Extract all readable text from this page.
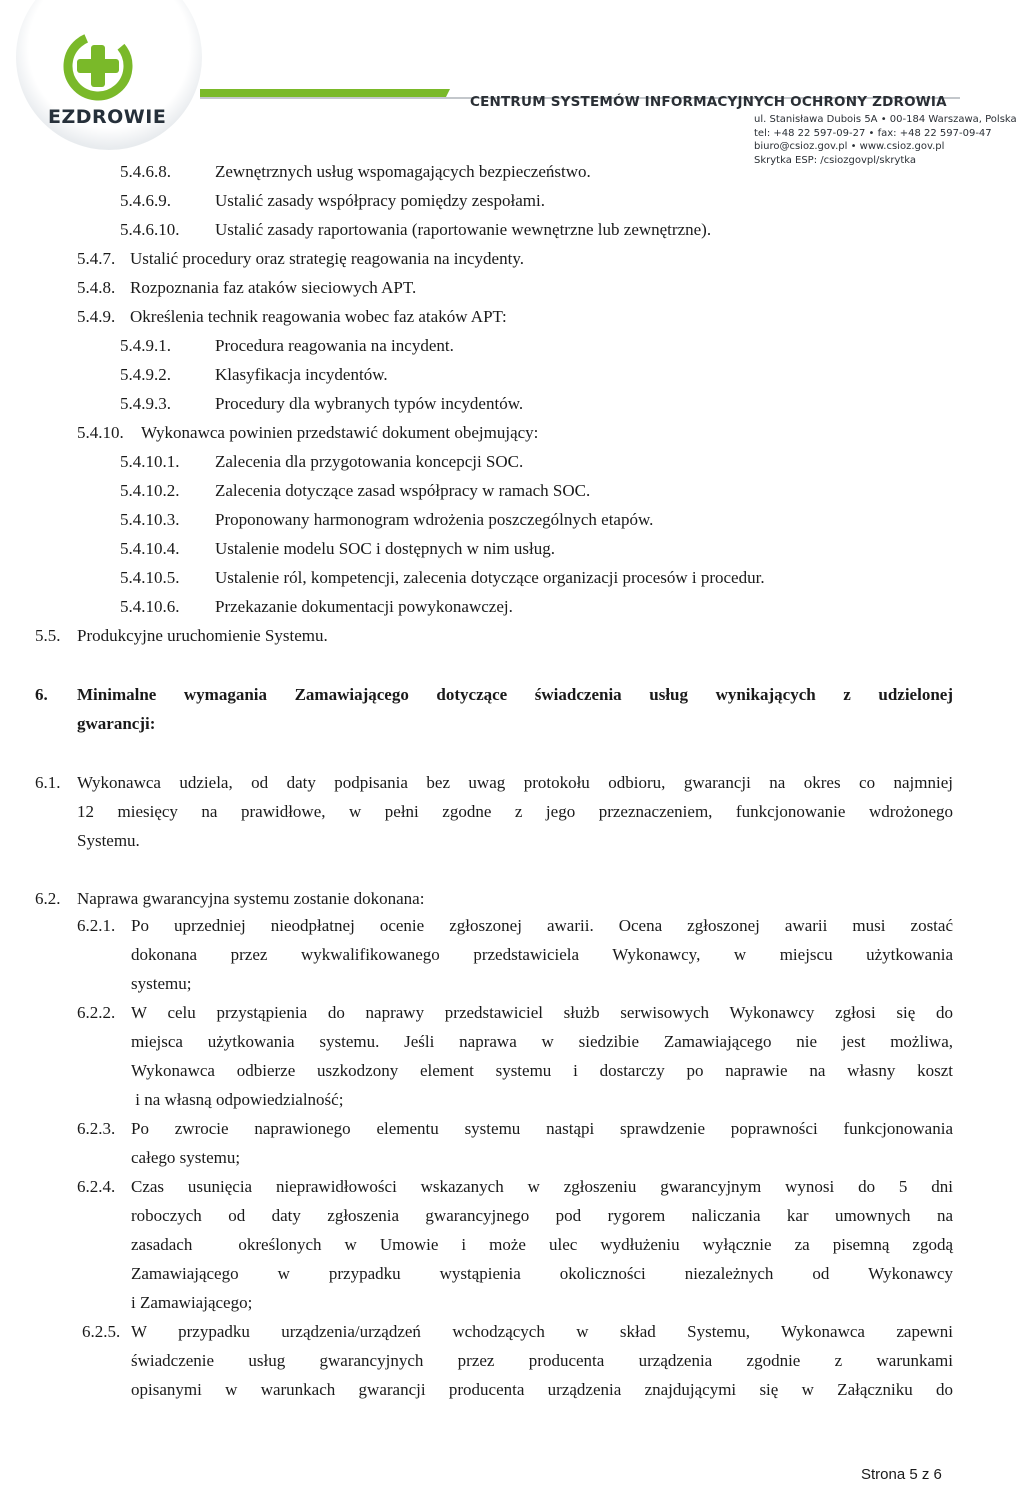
EZDROWIE
CENTRUM SYSTEMÓW INFORMACYJNYCH OCHRONY ZDROWIA
ul. Stanisława Dubois 5A • 00-184 Warszawa, Polska
tel: +48 22 597-09-27 • fax: +48 22 597-09-47
biuro@csioz.gov.pl • www.csioz.gov.pl
Skrytka ESP: /csiozgovpl/skrytka
5.4.6.8.	Zewnętrznych usług wspomagających bezpieczeństwo.
5.4.6.9.	Ustalić zasady współpracy pomiędzy zespołami.
5.4.6.10. Ustalić zasady raportowania (raportowanie wewnętrzne lub zewnętrzne).
5.4.7. Ustalić procedury oraz strategię reagowania na incydenty.
5.4.8. Rozpoznania faz ataków sieciowych APT.
5.4.9. Określenia technik reagowania wobec faz ataków APT:
5.4.9.1.	Procedura reagowania na incydent.
5.4.9.2.	Klasyfikacja incydentów.
5.4.9.3.	Procedury dla wybranych typów incydentów.
5.4.10. Wykonawca powinien przedstawić dokument obejmujący:
5.4.10.1. Zalecenia dla przygotowania koncepcji SOC.
5.4.10.2. Zalecenia dotyczące zasad współpracy w ramach SOC.
5.4.10.3. Proponowany harmonogram wdrożenia poszczególnych etapów.
5.4.10.4. Ustalenie modelu SOC i dostępnych w nim usług.
5.4.10.5. Ustalenie ról, kompetencji, zalecenia dotyczące organizacji procesów i procedur.
5.4.10.6. Przekazanie dokumentacji powykonawczej.
5.5. Produkcyjne uruchomienie Systemu.
6. Minimalne wymagania Zamawiającego dotyczące świadczenia usług wynikających z udzielonej
gwarancji:
6.1. Wykonawca udziela, od daty podpisania bez uwag protokołu odbioru, gwarancji na okres co najmniej
12 miesięcy na prawidłowe, w pełni zgodne z jego przeznaczeniem, funkcjonowanie wdrożonego
Systemu.
6.2. Naprawa gwarancyjna systemu zostanie dokonana:
6.2.1. Po uprzedniej nieodpłatnej ocenie zgłoszonej awarii. Ocena zgłoszonej awarii musi zostać
dokonana przez wykwalifikowanego przedstawiciela Wykonawcy, w miejscu użytkowania
systemu;
6.2.2. W celu przystąpienia do naprawy przedstawiciel służb serwisowych Wykonawcy zgłosi się do
miejsca użytkowania systemu. Jeśli naprawa w siedzibie Zamawiającego nie jest możliwa,
Wykonawca odbierze uszkodzony element systemu i dostarczy po naprawie na własny koszt
i na własną odpowiedzialność;
6.2.3. Po zwrocie naprawionego elementu systemu nastąpi sprawdzenie poprawności funkcjonowania
całego systemu;
6.2.4. Czas usunięcia nieprawidłowości wskazanych w zgłoszeniu gwarancyjnym wynosi do 5 dni
roboczych od daty zgłoszenia gwarancyjnego pod rygorem naliczania kar umownych na
zasadach  określonych w Umowie i może ulec wydłużeniu wyłącznie za pisemną zgodą
Zamawiającego w przypadku wystąpienia okoliczności niezależnych od Wykonawcy
i Zamawiającego;
6.2.5. W przypadku urządzenia/urządzeń wchodzących w skład Systemu, Wykonawca zapewni
świadczenie usług gwarancyjnych przez producenta urządzenia zgodnie z warunkami
opisanymi w warunkach gwarancji producenta urządzenia znajdującymi się w Załączniku do
Strona 5 z 6
